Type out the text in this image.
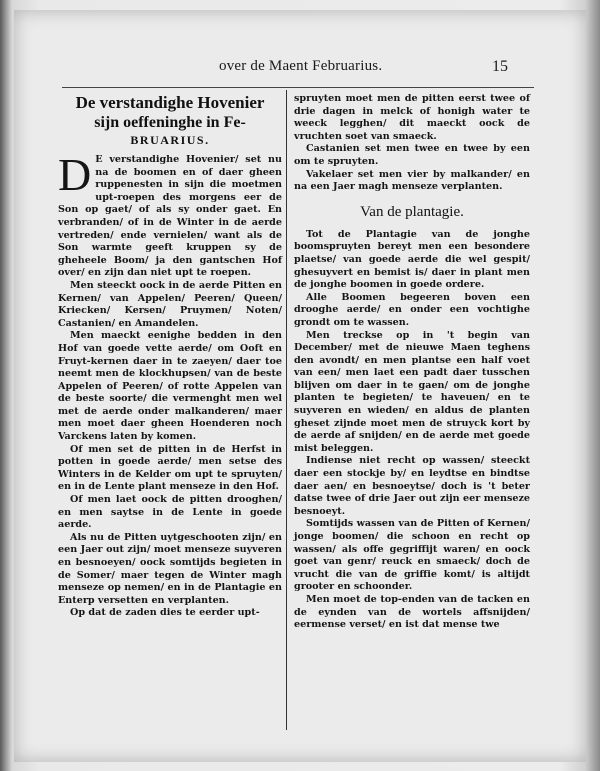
over de Maent Februarius.	15
De verstandighe Hovenier
sijn oeffeninghe in Fe-
BRUARIUS.

D E verstandighe Hovenier/ set nu na de boomen en of daer gheen ruppenesten in sijn die moetmen upt-roepen des morgens eer de Son op gaet/ of als sy onder gaet. En verbranden/ of in de Winter in de aerde vertreden/ ende vernielen/ want als de Son warmte geeft kruppen sy de gheheele Boom/ ja den gantschen Hof over/ en zijn dan niet upt te roepen.

Men steeckt oock in de aerde Pitten en Kernen/ van Appelen/ Peeren/ Queen/ Kriecken/ Kersen/ Pruymen/ Noten/ Castanien/ en Amandelen.

Men maeckt eenighe bedden in den Hof van goede vette aerde/ om Ooft en Fruyt-kernen daer in te zaeyen/ daer toe neemt men de klockhupsen/ van de beste Appelen of Peeren/ of rotte Appelen van de beste soorte/ die vermenght men wel met de aerde onder malkanderen/ maer men moet daer gheen Hoenderen noch Varckens laten by komen.

Of men set de pitten in de Herfst in potten in goede aerde/ men setse des Winters in de Kelder om upt te spruyten/ en in de Lente plant menseze in den Hof.

Of men laet oock de pitten drooghen/ en men saytse in de Lente in goede aerde.

Als nu de Pitten uytgeschooten zijn/ en een Jaer out zijn/ moet menseze suyveren en besnoeyen/ oock somtijds begieten in de Somer/ maer tegen de Winter magh menseze op nemen/ en in de Plantagie en Enterp versetten en verplanten.

Op dat de zaden dies te eerder upt-

spruyten moet men de pitten eerst twee of drie dagen in melck of honigh water te weeck legghen/ dit maeckt oock de vruchten soet van smaeck.

Castanien set men twee en twee by een om te spruyten.

Vakelaer set men vier by malkander/ en na een Jaer magh menseze verplanten.

Van de plantagie.

Tot de Plantagie van de jonghe boomspruyten bereyt men een besondere plaetse/ van goede aerde die wel gespit/ ghesuyvert en bemist is/ daer in plant men de jonghe boomen in goede ordere.

Alle Boomen begeeren boven een drooghe aerde/ en onder een vochtighe grondt om te wassen.

Men treckse op in 't begin van December/ met de nieuwe Maen teghens den avondt/ en men plantse een half voet van een/ men laet een padt daer tusschen blijven om daer in te gaen/ om de jonghe planten te begieten/ te haveuen/ en te suyveren en wieden/ en aldus de planten gheset zijnde moet men de struyck kort by de aerde af snijden/ en de aerde met goede mist beleggen.

Indiense niet recht op wassen/ steeckt daer een stockje by/ en leydtse en bindtse daer aen/ en besnoeytse/ doch is 't beter datse twee of drie Jaer out zijn eer menseze besnoeyt.

Somtijds wassen van de Pitten of Kernen/ jonge boomen/ die schoon en recht op wassen/ als offe gegriffijt waren/ en oock goet van genr/ reuck en smaeck/ doch de vrucht die van de griffie komt/ is altijdt grooter en schoonder.

Men moet de top-enden van de tacken en de eynden van de wortels affsnijden/ eermense verset/ en ist dat mense twe
